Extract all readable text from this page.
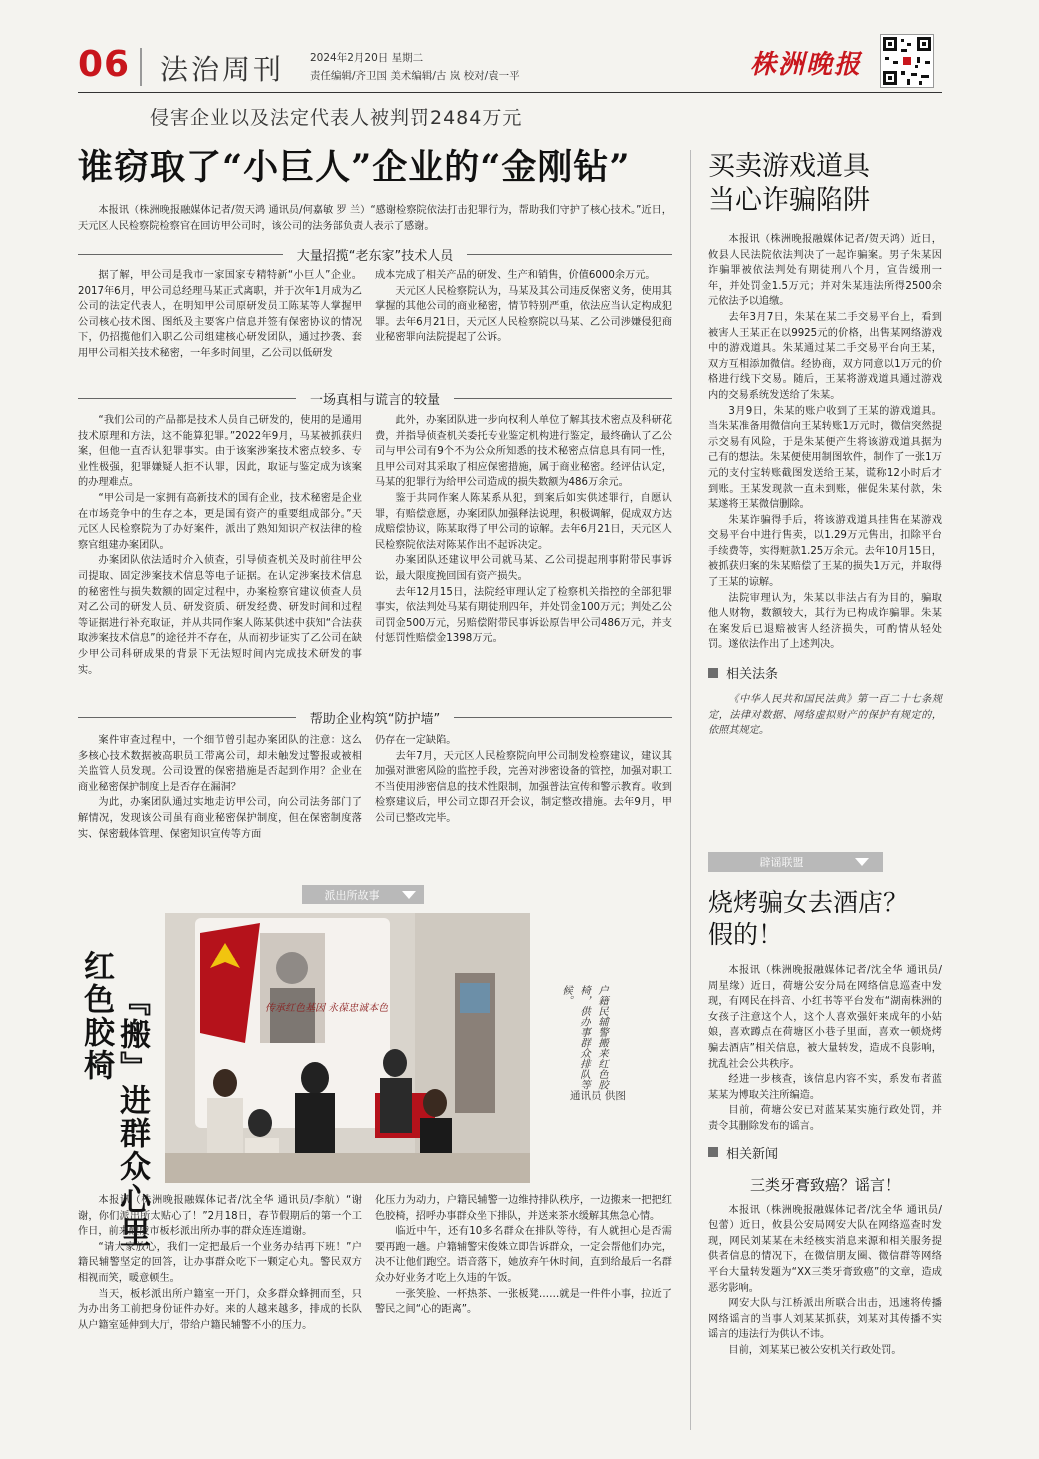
06 法治周刊 2024年2月20日 星期二
责任编辑/齐卫国 美术编辑/古 岚 校对/袁一平	株洲晚报
侵害企业以及法定代表人被判罚2484万元
谁窃取了“小巨人”企业的“金刚钻”
本报讯（株洲晚报融媒体记者/贺天鸿 通讯员/何嘉敏 罗 兰）“感谢检察院依法打击犯罪行为，帮助我们守护了核心技术。”近日，天元区人民检察院检察官在回访甲公司时，该公司的法务部负责人表示了感谢。
大量招揽“老东家”技术人员

据了解，甲公司是我市一家国家专精特新“小巨人”企业。2017年6月，甲公司总经理马某正式离职，并于次年1月成为乙公司的法定代表人，在明知甲公司原研发员工陈某等人掌握甲公司核心技术图、图纸及主要客户信息并签有保密协议的情况下，仍招揽他们入职乙公司组建核心研发团队，通过抄袭、套用甲公司相关技术秘密，一年多时间里，乙公司以低研发

成本完成了相关产品的研发、生产和销售，价值6000余万元。

天元区人民检察院认为，马某及其公司违反保密义务，使用其掌握的其他公司的商业秘密，情节特别严重，依法应当认定构成犯罪。去年6月21日，天元区人民检察院以马某、乙公司涉嫌侵犯商业秘密罪向法院提起了公诉。

一场真相与谎言的较量

“我们公司的产品都是技术人员自己研发的，使用的是通用技术原理和方法，这不能算犯罪。”2022年9月，马某被抓获归案，但他一直否认犯罪事实。由于该案涉案技术密点较多、专业性极强，犯罪嫌疑人拒不认罪，因此，取证与鉴定成为该案的办理难点。

“甲公司是一家拥有高新技术的国有企业，技术秘密是企业在市场竞争中的生存之本，更是国有资产的重要组成部分。”天元区人民检察院为了办好案件，派出了熟知知识产权法律的检察官组建办案团队。

办案团队依法适时介入侦查，引导侦查机关及时前往甲公司提取、固定涉案技术信息等电子证据。在认定涉案技术信息的秘密性与损失数额的固定过程中，办案检察官建议侦查人员对乙公司的研发人员、研发资质、研发经费、研发时间和过程等证据进行补充取证，并从共同作案人陈某供述中获知“合法获取涉案技术信息”的途径并不存在，从而初步证实了乙公司在缺少甲公司科研成果的背景下无法短时间内完成技术研发的事实。

此外，办案团队进一步向权利人单位了解其技术密点及科研花费，并指导侦查机关委托专业鉴定机构进行鉴定，最终确认了乙公司与甲公司有9个不为公众所知悉的技术秘密点信息具有同一性，且甲公司对其采取了相应保密措施，属于商业秘密。经评估认定，马某的犯罪行为给甲公司造成的损失数额为486万余元。

鉴于共同作案人陈某系从犯，到案后如实供述罪行，自愿认罪，有赔偿意愿，办案团队加强释法说理，积极调解，促成双方达成赔偿协议，陈某取得了甲公司的谅解。去年6月21日，天元区人民检察院依法对陈某作出不起诉决定。

办案团队还建议甲公司就马某、乙公司提起刑事附带民事诉讼，最大限度挽回国有资产损失。

去年12月15日，法院经审理认定了检察机关指控的全部犯罪事实，依法判处马某有期徒刑四年，并处罚金100万元；判处乙公司罚金500万元，另赔偿附带民事诉讼原告甲公司486万元，并支付惩罚性赔偿金1398万元。

帮助企业构筑“防护墙”

案件审查过程中，一个细节曾引起办案团队的注意：这么多核心技术数据被高职员工带离公司，却未触发过警报或被相关监管人员发现。公司设置的保密措施是否起到作用？企业在商业秘密保护制度上是否存在漏洞？

为此，办案团队通过实地走访甲公司，向公司法务部门了解情况，发现该公司虽有商业秘密保护制度，但在保密制度落实、保密载体管理、保密知识宣传等方面

仍存在一定缺陷。

去年7月，天元区人民检察院向甲公司制发检察建议，建议其加强对泄密风险的监控手段，完善对涉密设备的管控，加强对职工不当使用涉密信息的技术性限制，加强普法宣传和警示教育。收到检察建议后，甲公司立即召开会议，制定整改措施。去年9月，甲公司已整改完毕。

买卖游戏道具
当心诈骗陷阱

本报讯（株洲晚报融媒体记者/贺天鸿）近日，攸县人民法院依法判决了一起诈骗案。男子朱某因诈骗罪被依法判处有期徒刑八个月，宣告缓刑一年，并处罚金1.5万元；并对朱某违法所得2500余元依法予以追缴。

去年3月7日，朱某在某二手交易平台上，看到被害人王某正在以9925元的价格，出售某网络游戏中的游戏道具。朱某通过某二手交易平台向王某，双方互相添加微信。经协商，双方同意以1万元的价格进行线下交易。随后，王某将游戏道具通过游戏内的交易系统发送给了朱某。

3月9日，朱某的账户收到了王某的游戏道具。当朱某准备用微信向王某转账1万元时，微信突然提示交易有风险，于是朱某便产生将该游戏道具据为己有的想法。朱某便使用制图软件，制作了一张1万元的支付宝转账截图发送给王某，谎称12小时后才到账。王某发现款一直未到账，催促朱某付款，朱某遂将王某微信删除。

朱某诈骗得手后，将该游戏道具挂售在某游戏交易平台中进行售卖，以1.29万元售出，扣除平台手续费等，实得赃款1.25万余元。去年10月15日，被抓获归案的朱某赔偿了王某的损失1万元，并取得了王某的谅解。

法院审理认为，朱某以非法占有为目的，骗取他人财物，数额较大，其行为已构成诈骗罪。朱某在案发后已退赔被害人经济损失，可酌情从轻处罚。遂依法作出了上述判决。

相关法条

《中华人民共和国民法典》第一百二十七条规定，法律对数据、网络虚拟财产的保护有规定的，依照其规定。

辟谣联盟
烧烤骗女去酒店？
假的！

本报讯（株洲晚报融媒体记者/沈全华 通讯员/周星缘）近日，荷塘公安分局在网络信息巡查中发现，有网民在抖音、小红书等平台发布“湖南株洲的女孩子注意这个人，这个人喜欢强奸来成年的小姑娘，喜欢蹲点在荷塘区小巷子里面，喜欢一顿烧烤骗去酒店”相关信息，被大量转发，造成不良影响，扰乱社会公共秩序。

经进一步核查，该信息内容不实，系发布者蓝某某为博取关注所编造。

目前，荷塘公安已对蓝某某实施行政处罚，并责令其删除发布的谣言。

相关新闻
三类牙膏致癌？谣言！

本报讯（株洲晚报融媒体记者/沈全华 通讯员/包蕾）近日，攸县公安局网安大队在网络巡查时发现，网民刘某某在未经核实消息来源和相关服务提供者信息的情况下，在微信朋友圈、微信群等网络平台大量转发题为“XX三类牙膏致癌”的文章，造成恶劣影响。

网安大队与江桥派出所联合出击，迅速将传播网络谣言的当事人刘某某抓获，刘某对其传播不实谣言的违法行为供认不讳。

目前，刘某某已被公安机关行政处罚。

派出所故事
红色胶椅 『搬』进群众心里	传承红色基因 永葆忠诚本色	户籍民辅警搬来红色胶椅，供办事群众排队等候。
通讯员 供图

本报讯（株洲晚报融媒体记者/沈全华 通讯员/李航）“谢谢，你们派出所太贴心了！”2月18日，春节假期后的第一个工作日，前来醴陵市板杉派出所办事的群众连连道谢。

“请大家放心，我们一定把最后一个业务办结再下班！”户籍民辅警坚定的回答，让办事群众吃下一颗定心丸。警民双方相视而笑，暖意顿生。

当天，板杉派出所户籍室一开门，众多群众蜂拥而至，只为办出务工前把身份证件办好。来的人越来越多，排成的长队从户籍室延伸到大厅，带给户籍民辅警不小的压力。

化压力为动力，户籍民辅警一边维持排队秩序，一边搬来一把把红色胶椅，招呼办事群众坐下排队，并送来茶水缓解其焦急心情。

临近中午，还有10多名群众在排队等待，有人就担心是否需要再跑一趟。户籍辅警宋俊姝立即告诉群众，一定会帮他们办完，决不让他们跑空。语音落下，她放弃午休时间，直到给最后一名群众办好业务才吃上久违的午饭。

一张笑脸、一杯热茶、一张板凳……就是一件件小事，拉近了警民之间“心的距离”。
